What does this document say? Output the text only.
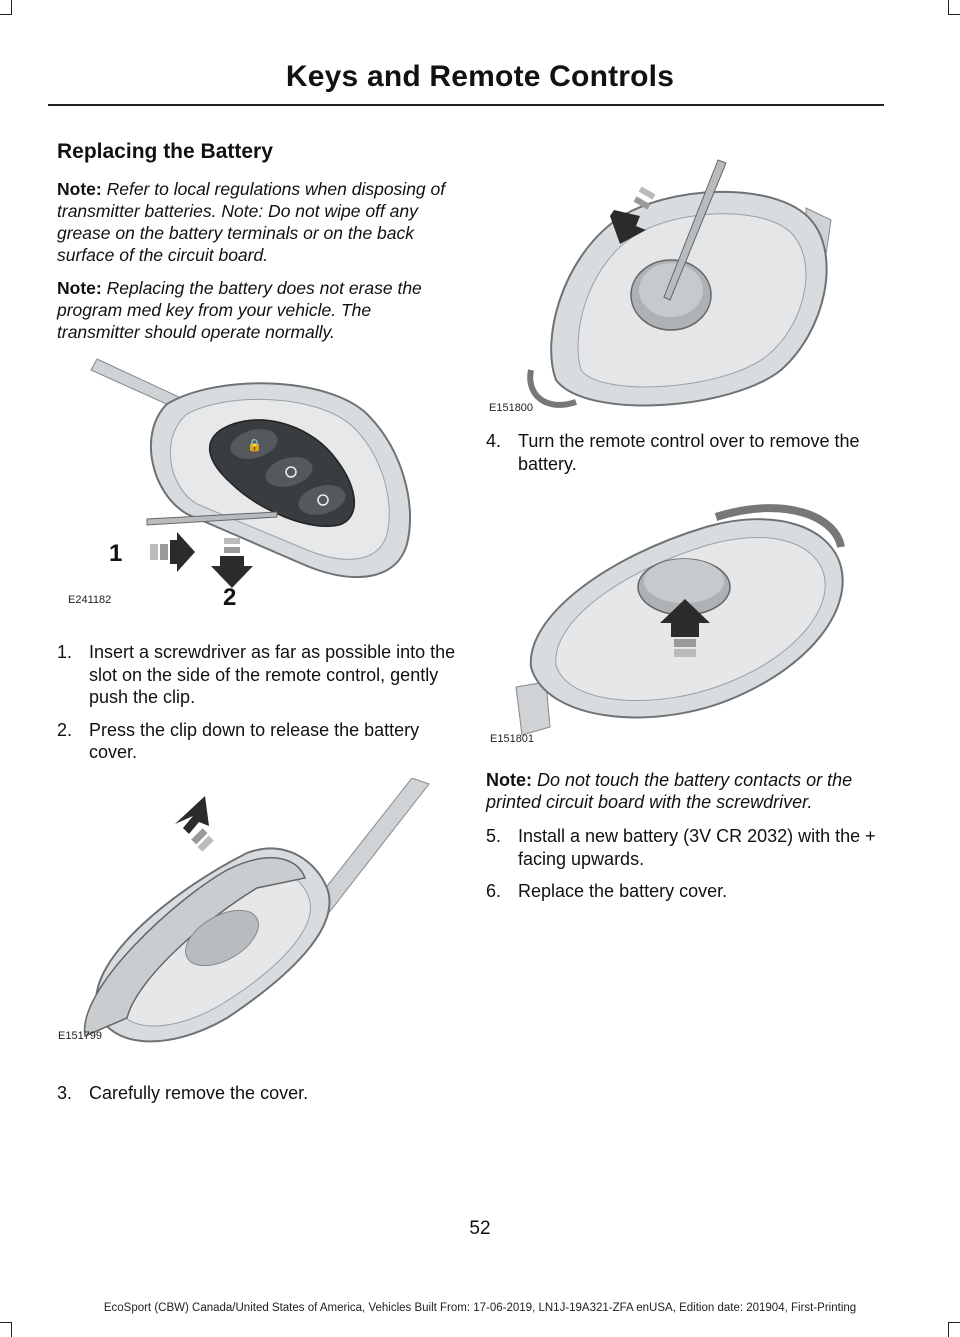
Keys and Remote Controls
Replacing the Battery

Note: Refer to local regulations when disposing of transmitter batteries. Note: Do not wipe off any grease on the battery terminals or on the back surface of the circuit board.

Note: Replacing the battery does not erase the program med key from your vehicle. The transmitter should operate normally.

🔒
E241182
1
2
1. Insert a screwdriver as far as possible into the slot on the side of the remote control, gently push the clip.
2. Press the clip down to release the battery cover.
E151799
3. Carefully remove the cover.
E151800
4. Turn the remote control over to remove the battery.
E151801

Note: Do not touch the battery contacts or the printed circuit board with the screwdriver.

5. Install a new battery (3V CR 2032) with the + facing upwards.
6. Replace the battery cover.
52
EcoSport (CBW) Canada/United States of America, Vehicles Built From: 17-06-2019, LN1J-19A321-ZFA enUSA, Edition date: 201904, First-Printing
